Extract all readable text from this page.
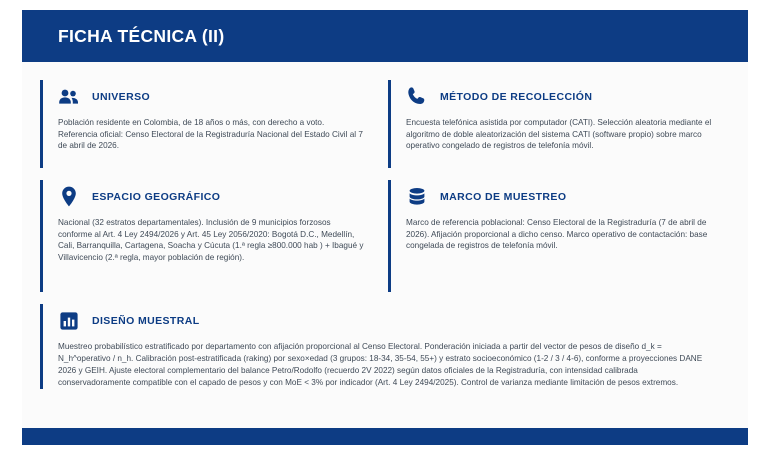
FICHA TÉCNICA (II)
UNIVERSO
Población residente en Colombia, de 18 años o más, con derecho a voto. Referencia oficial: Censo Electoral de la Registraduría Nacional del Estado Civil al 7 de abril de 2026.
MÉTODO DE RECOLECCIÓN
Encuesta telefónica asistida por computador (CATI). Selección aleatoria mediante el algoritmo de doble aleatorización del sistema CATI (software propio) sobre marco operativo congelado de registros de telefonía móvil.
ESPACIO GEOGRÁFICO
Nacional (32 estratos departamentales). Inclusión de 9 municipios forzosos conforme al Art. 4 Ley 2494/2026 y Art. 45 Ley 2056/2020: Bogotá D.C., Medellín, Cali, Barranquilla, Cartagena, Soacha y Cúcuta (1.ª regla ≥800.000 hab ) + Ibagué y Villavicencio (2.ª regla, mayor población de región).
MARCO DE MUESTREO
Marco de referencia poblacional: Censo Electoral de la Registraduría (7 de abril de 2026). Afijación proporcional a dicho censo. Marco operativo de contactación: base congelada de registros de telefonía móvil.
DISEÑO MUESTRAL
Muestreo probabilístico estratificado por departamento con afijación proporcional al Censo Electoral. Ponderación iniciada a partir del vector de pesos de diseño d_k = N_h^operativo / n_h. Calibración post-estratificada (raking) por sexo×edad (3 grupos: 18-34, 35-54, 55+) y estrato socioeconómico (1-2 / 3 / 4-6), conforme a proyecciones DANE 2026 y GEIH. Ajuste electoral complementario del balance Petro/Rodolfo (recuerdo 2V 2022) según datos oficiales de la Registraduría, con intensidad calibrada conservadoramente compatible con el capado de pesos y con MoE < 3% por indicador (Art. 4 Ley 2494/2025). Control de varianza mediante limitación de pesos extremos.
